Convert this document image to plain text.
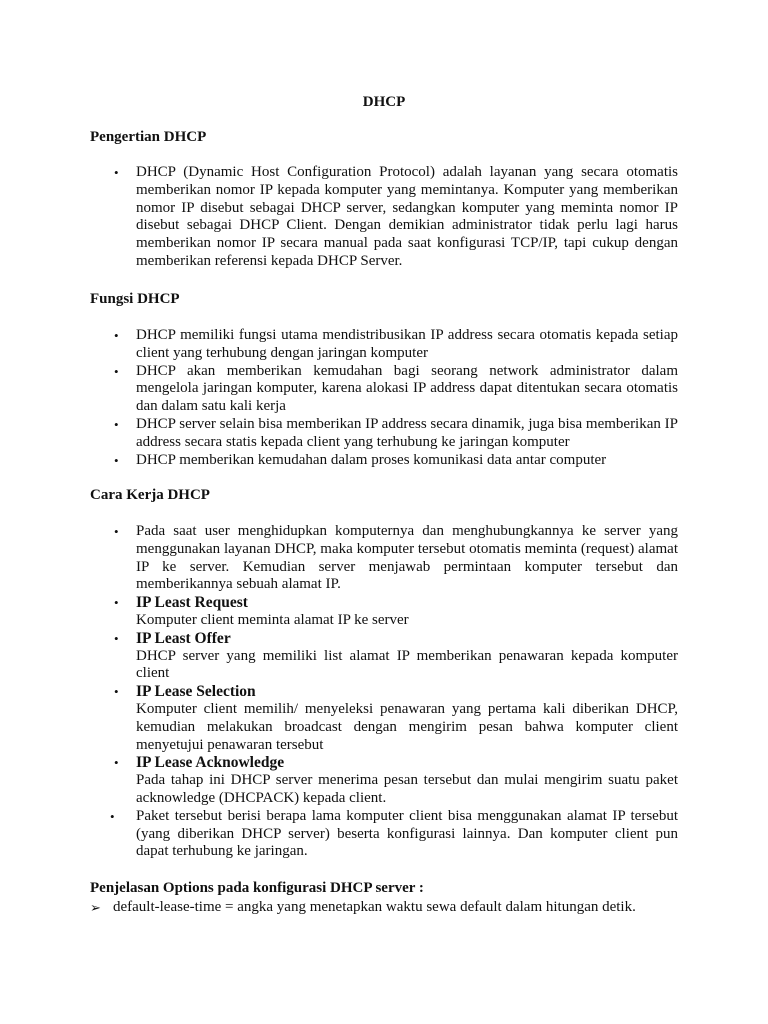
DHCP
Pengertian DHCP
• DHCP (Dynamic Host Configuration Protocol) adalah layanan yang secara otomatis memberikan nomor IP kepada komputer yang memintanya. Komputer yang memberikan nomor IP disebut sebagai DHCP server, sedangkan komputer yang meminta nomor IP disebut sebagai DHCP Client. Dengan demikian administrator tidak perlu lagi harus memberikan nomor IP secara manual pada saat konfigurasi TCP/IP, tapi cukup dengan memberikan referensi kepada DHCP Server.
Fungsi DHCP
• DHCP memiliki fungsi utama mendistribusikan IP address secara otomatis kepada setiap client yang terhubung dengan jaringan komputer
• DHCP akan memberikan kemudahan bagi seorang network administrator dalam mengelola jaringan komputer, karena alokasi IP address dapat ditentukan secara otomatis dan dalam satu kali kerja
• DHCP server selain bisa memberikan IP address secara dinamik, juga bisa memberikan IP address secara statis kepada client yang terhubung ke jaringan komputer
• DHCP memberikan kemudahan dalam proses komunikasi data antar computer
Cara Kerja DHCP
• Pada saat user menghidupkan komputernya dan menghubungkannya ke server yang menggunakan layanan DHCP, maka komputer tersebut otomatis meminta (request) alamat IP ke server. Kemudian server menjawab permintaan komputer tersebut dan memberikannya sebuah alamat IP.
• IP Least Request
Komputer client meminta alamat IP ke server
• IP Least Offer
DHCP server yang memiliki list alamat IP memberikan penawaran kepada komputer client
• IP Lease Selection
Komputer client memilih/ menyeleksi penawaran yang pertama kali diberikan DHCP, kemudian melakukan broadcast dengan mengirim pesan bahwa komputer client menyetujui penawaran tersebut
• IP Lease Acknowledge
Pada tahap ini DHCP server menerima pesan tersebut dan mulai mengirim suatu paket acknowledge (DHCPACK) kepada client.
• Paket tersebut berisi berapa lama komputer client bisa menggunakan alamat IP tersebut (yang diberikan DHCP server) beserta konfigurasi lainnya. Dan komputer client pun dapat terhubung ke jaringan.
Penjelasan Options pada konfigurasi DHCP server :
➢ default-lease-time = angka yang menetapkan waktu sewa default dalam hitungan detik.
